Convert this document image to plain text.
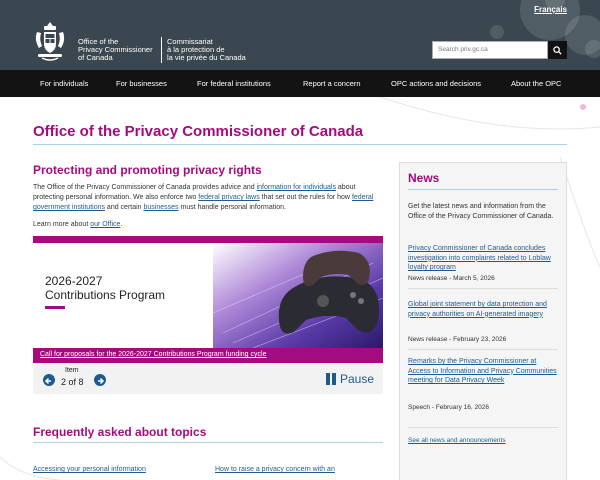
Français
Office of the
Privacy Commissioner
of Canada
Commissariat
à la protection de
la vie privée du Canada
Search priv.gc.ca
For individuals	For businesses	For federal institutions	Report a concern	OPC actions and decisions	About the OPC
Office of the Privacy Commissioner of Canada
Protecting and promoting privacy rights

The Office of the Privacy Commissioner of Canada provides advice and information for individuals about protecting personal information. We also enforce two federal privacy laws that set out the rules for how federal government institutions and certain businesses must handle personal information.

Learn more about our Office.

2026-2027
Contributions Program
Call for proposals for the 2026-2027 Contributions Program funding cycle
Item
2 of 8	Pause
Frequently asked about topics
Accessing your personal information	How to raise a privacy concern with an
News

Get the latest news and information from the Office of the Privacy Commissioner of Canada.

Privacy Commissioner of Canada concludes investigation into complaints related to Loblaw loyalty program
News release - March 5, 2026
Global joint statement by data protection and privacy authorities on AI-generated imagery
News release - February 23, 2026
Remarks by the Privacy Commissioner at Access to Information and Privacy Communities meeting for Data Privacy Week
Speech - February 16, 2026
See all news and announcements
